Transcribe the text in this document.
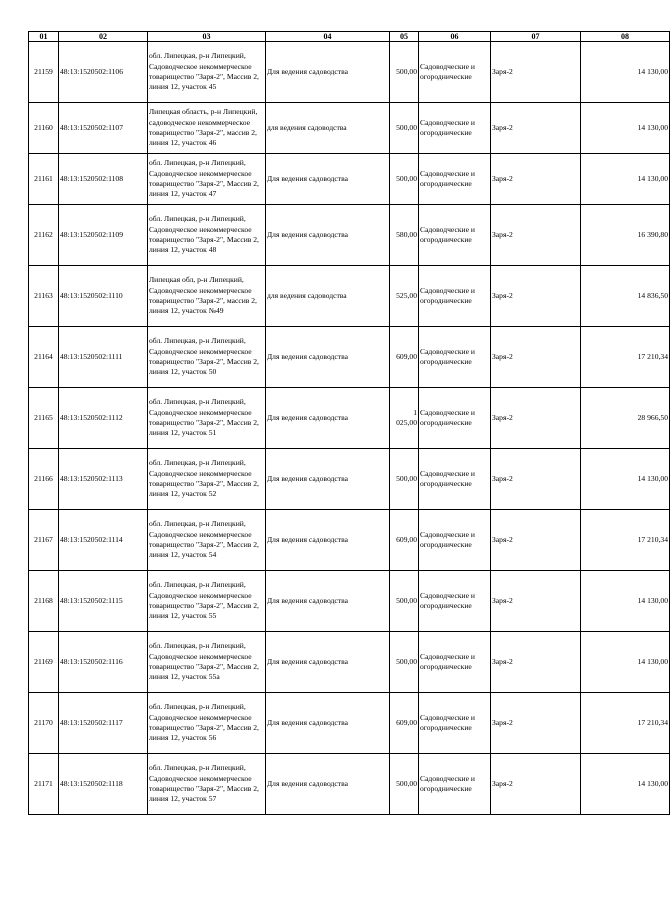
01	02	03	04	05	06	07	08
21159	48:13:1520502:1106	обл. Липецкая, р-н Липецкий, Садоводческое некоммерческое товарищество "Заря-2", Массив 2, линия 12, участок 45	Для ведения садоводства	500,00	Садоводческие и огороднические	Заря-2	14 130,00
21160	48:13:1520502:1107	Липецкая область, р-н Липецкий, садоводческое некоммерческое товарищество "Заря-2", массив 2, линия 12, участок 46	для ведения садоводства	500,00	Садоводческие и огороднические	Заря-2	14 130,00
21161	48:13:1520502:1108	обл. Липецкая, р-н Липецкий, Садоводческое некоммерческое товарищество "Заря-2", Массив 2, линия 12, участок 47	Для ведения садоводства	500,00	Садоводческие и огороднические	Заря-2	14 130,00
21162	48:13:1520502:1109	обл. Липецкая, р-н Липецкий, Садоводческое некоммерческое товарищество "Заря-2", Массив 2, линия 12, участок 48	Для ведения садоводства	580,00	Садоводческие и огороднические	Заря-2	16 390,80
21163	48:13:1520502:1110	Липецкая обл, р-н Липецкий, Садоводческое некоммерческое товарищество "Заря-2", массив 2, линия 12, участок №49	для ведения садоводства	525,00	Садоводческие и огороднические	Заря-2	14 836,50
21164	48:13:1520502:1111	обл. Липецкая, р-н Липецкий, Садоводческое некоммерческое товарищество "Заря-2", Массив 2, линия 12, участок 50	Для ведения садоводства	609,00	Садоводческие и огороднические	Заря-2	17 210,34
21165	48:13:1520502:1112	обл. Липецкая, р-н Липецкий, Садоводческое некоммерческое товарищество "Заря-2", Массив 2, линия 12, участок 51	Для ведения садоводства	1 025,00	Садоводческие и огороднические	Заря-2	28 966,50
21166	48:13:1520502:1113	обл. Липецкая, р-н Липецкий, Садоводческое некоммерческое товарищество "Заря-2", Массив 2, линия 12, участок 52	Для ведения садоводства	500,00	Садоводческие и огороднические	Заря-2	14 130,00
21167	48:13:1520502:1114	обл. Липецкая, р-н Липецкий, Садоводческое некоммерческое товарищество "Заря-2", Массив 2, линия 12, участок 54	Для ведения садоводства	609,00	Садоводческие и огороднические	Заря-2	17 210,34
21168	48:13:1520502:1115	обл. Липецкая, р-н Липецкий, Садоводческое некоммерческое товарищество "Заря-2", Массив 2, линия 12, участок 55	Для ведения садоводства	500,00	Садоводческие и огороднические	Заря-2	14 130,00
21169	48:13:1520502:1116	обл. Липецкая, р-н Липецкий, Садоводческое некоммерческое товарищество "Заря-2", Массив 2, линия 12, участок 55а	Для ведения садоводства	500,00	Садоводческие и огороднические	Заря-2	14 130,00
21170	48:13:1520502:1117	обл. Липецкая, р-н Липецкий, Садоводческое некоммерческое товарищество "Заря-2", Массив 2, линия 12, участок 56	Для ведения садоводства	609,00	Садоводческие и огороднические	Заря-2	17 210,34
21171	48:13:1520502:1118	обл. Липецкая, р-н Липецкий, Садоводческое некоммерческое товарищество "Заря-2", Массив 2, линия 12, участок 57	Для ведения садоводства	500,00	Садоводческие и огороднические	Заря-2	14 130,00
